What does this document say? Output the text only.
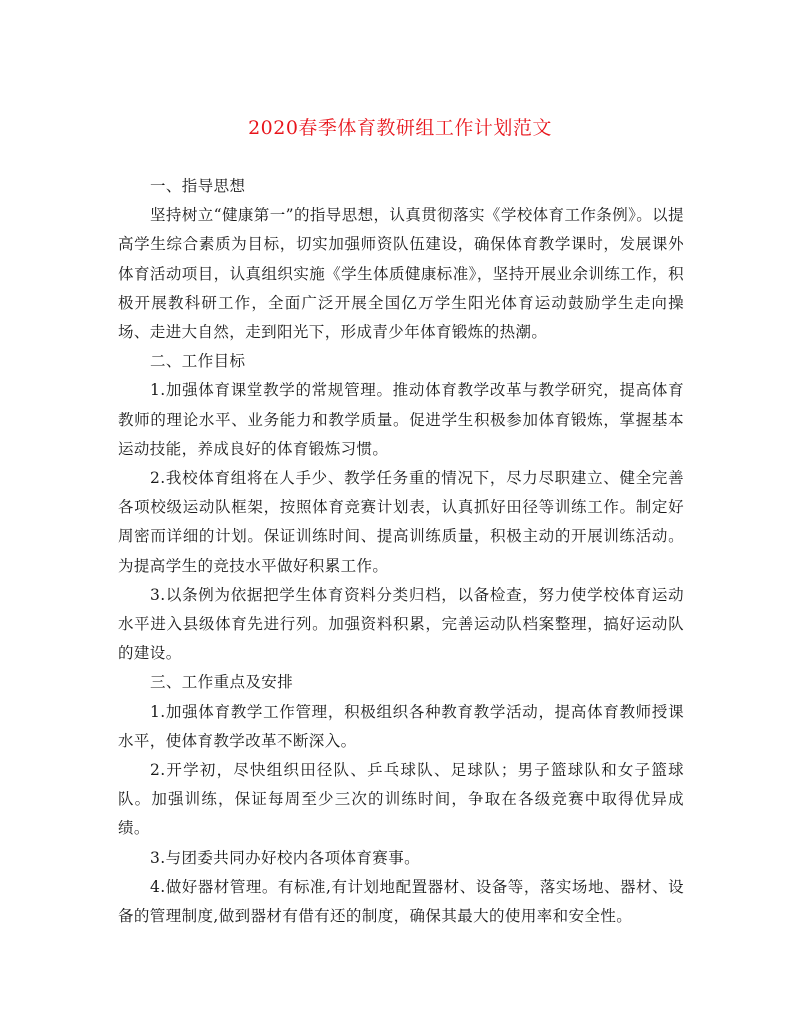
2020春季体育教研组工作计划范文

一、指导思想

坚持树立“健康第一”的指导思想，认真贯彻落实《学校体育工作条例》。以提高学生综合素质为目标，切实加强师资队伍建设，确保体育教学课时，发展课外体育活动项目，认真组织实施《学生体质健康标准》，坚持开展业余训练工作，积极开展教科研工作，全面广泛开展全国亿万学生阳光体育运动鼓励学生走向操场、走进大自然，走到阳光下，形成青少年体育锻炼的热潮。

二、工作目标

1.加强体育课堂教学的常规管理。推动体育教学改革与教学研究，提高体育教师的理论水平、业务能力和教学质量。促进学生积极参加体育锻炼，掌握基本运动技能，养成良好的体育锻炼习惯。

2.我校体育组将在人手少、教学任务重的情况下，尽力尽职建立、健全完善各项校级运动队框架，按照体育竞赛计划表，认真抓好田径等训练工作。制定好周密而详细的计划。保证训练时间、提高训练质量，积极主动的开展训练活动。为提高学生的竞技水平做好积累工作。

3.以条例为依据把学生体育资料分类归档，以备检查，努力使学校体育运动水平进入县级体育先进行列。加强资料积累，完善运动队档案整理，搞好运动队的建设。

三、工作重点及安排

1.加强体育教学工作管理，积极组织各种教育教学活动，提高体育教师授课水平，使体育教学改革不断深入。

2.开学初，尽快组织田径队、乒乓球队、足球队；男子篮球队和女子篮球队。加强训练，保证每周至少三次的训练时间，争取在各级竞赛中取得优异成绩。

3.与团委共同办好校内各项体育赛事。

4.做好器材管理。有标准,有计划地配置器材、设备等，落实场地、器材、设备的管理制度,做到器材有借有还的制度，确保其最大的使用率和安全性。
